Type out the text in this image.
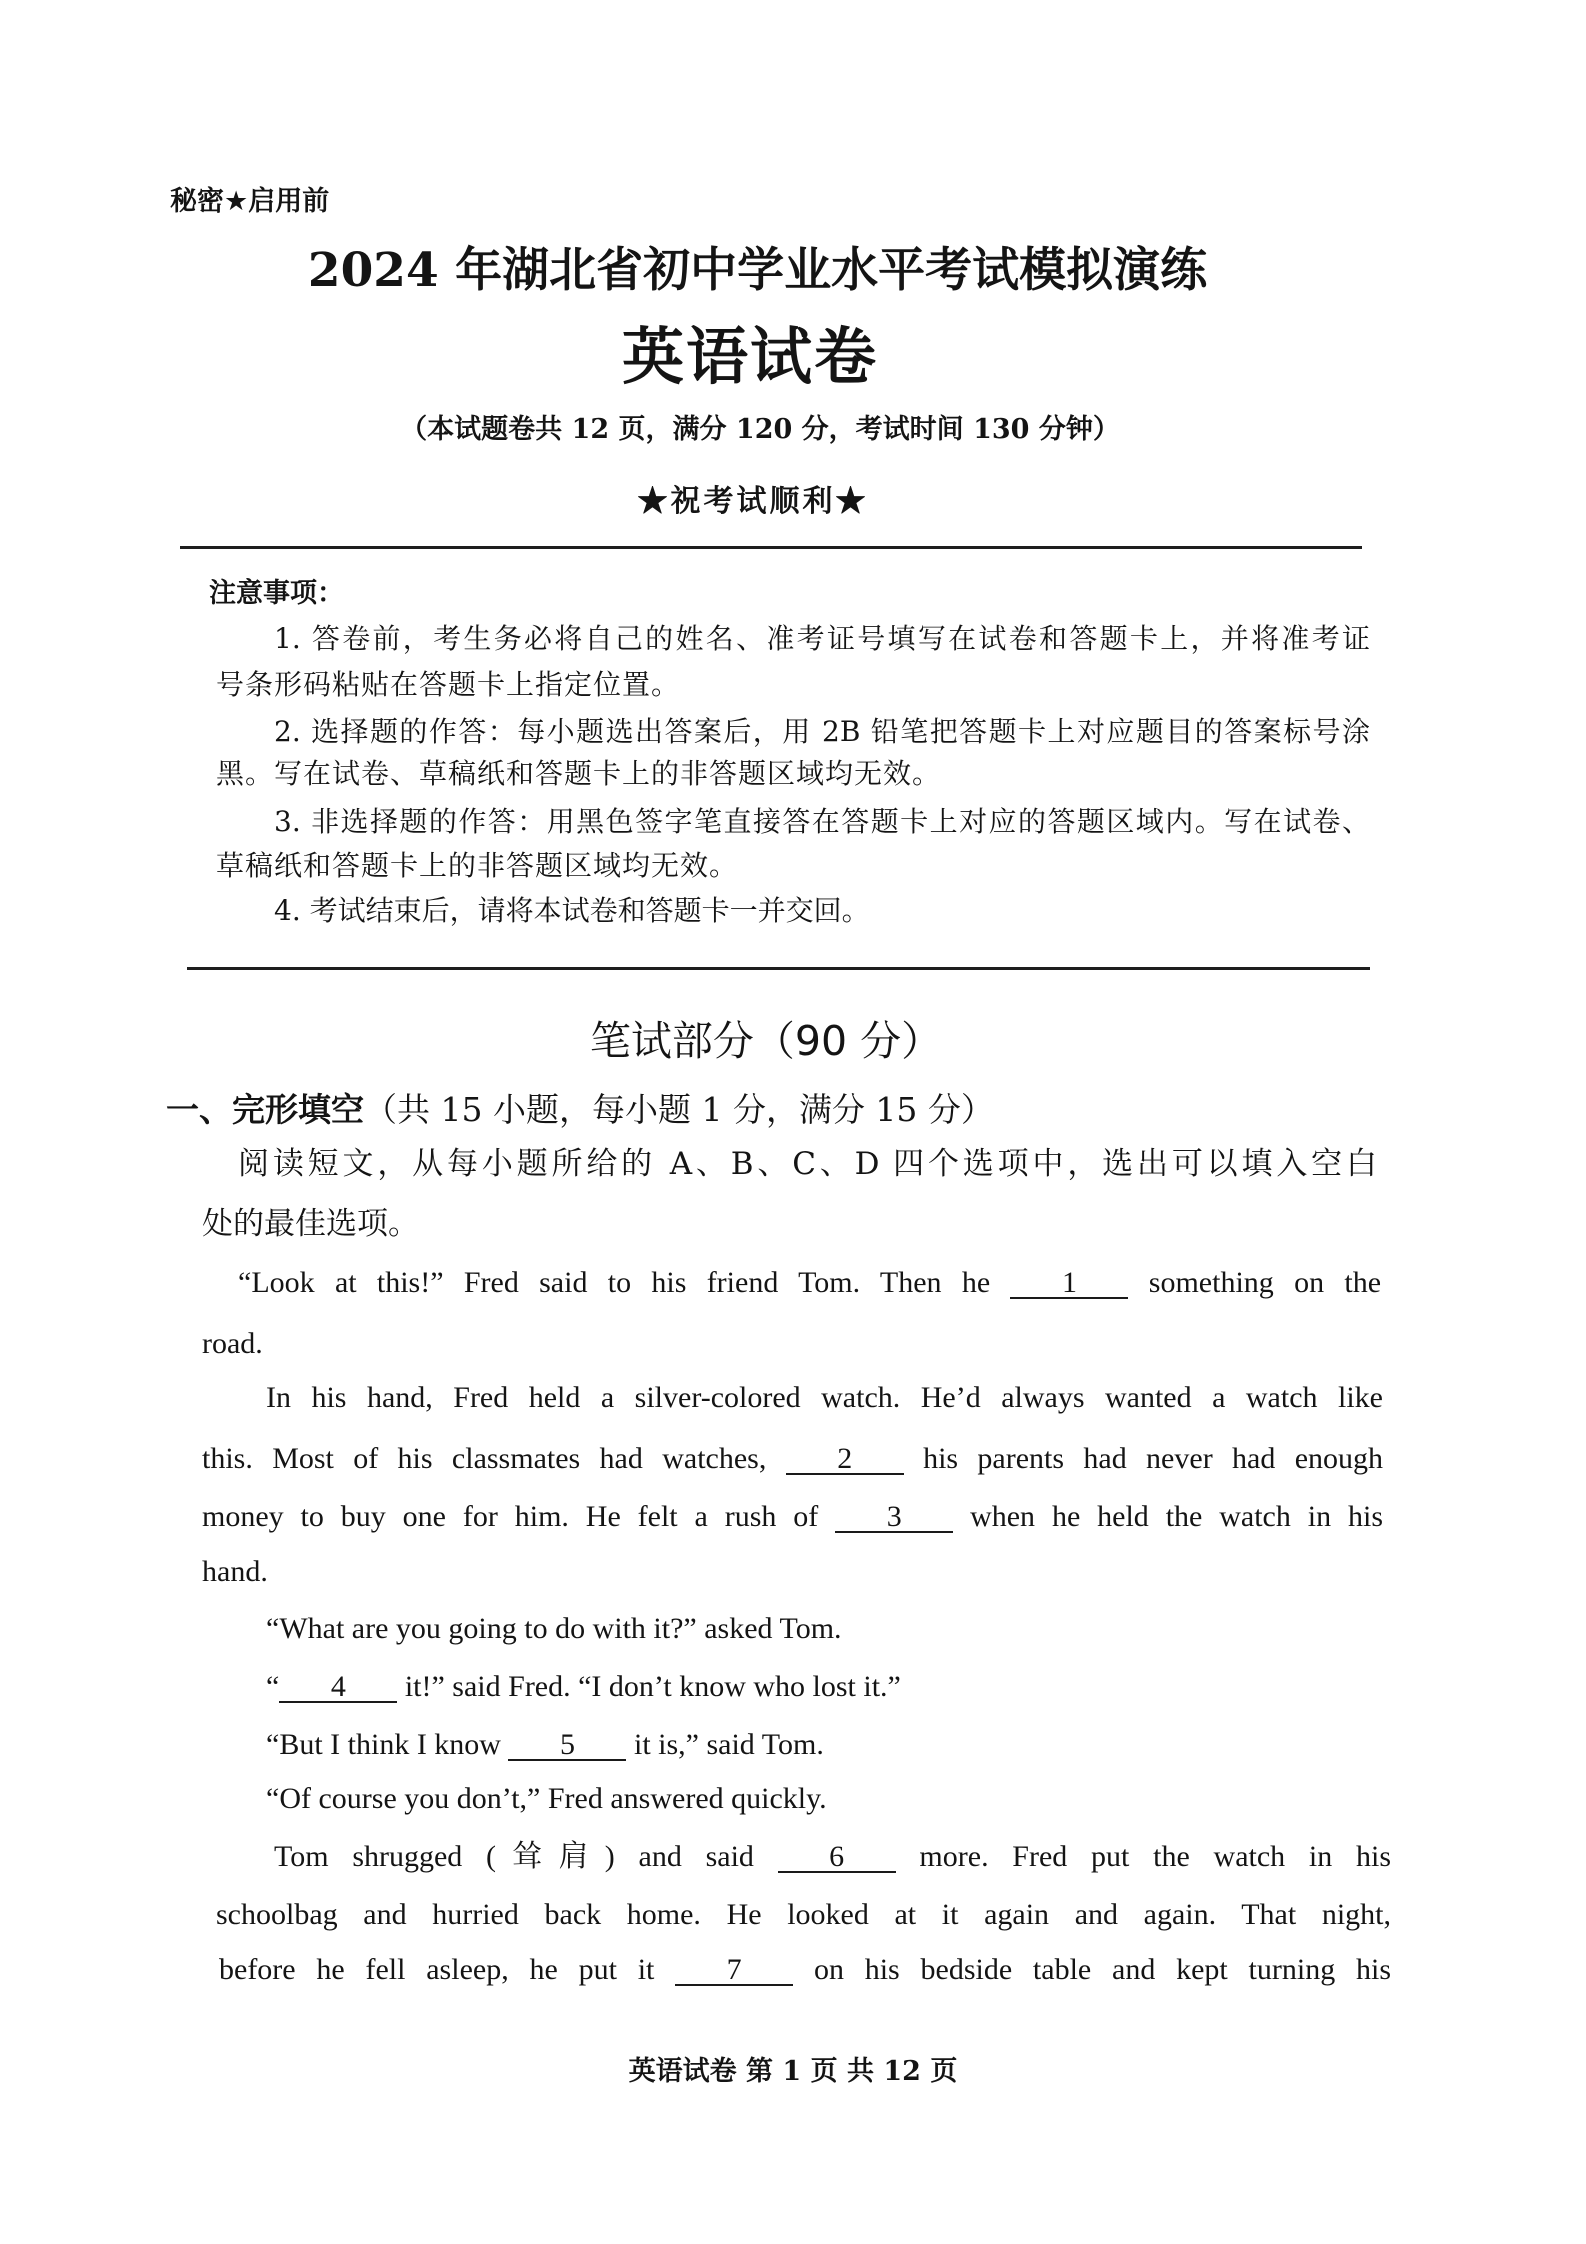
秘密★启用前
2024 年湖北省初中学业水平考试模拟演练
英语试卷
（本试题卷共 12 页，满分 120 分，考试时间 130 分钟）
★祝考试顺利★
注意事项：
1. 答卷前，考生务必将自己的姓名、准考证号填写在试卷和答题卡上，并将准考证
号条形码粘贴在答题卡上指定位置。
2. 选择题的作答：每小题选出答案后，用 2B 铅笔把答题卡上对应题目的答案标号涂
黑。写在试卷、草稿纸和答题卡上的非答题区域均无效。
3. 非选择题的作答：用黑色签字笔直接答在答题卡上对应的答题区域内。写在试卷、
草稿纸和答题卡上的非答题区域均无效。
4. 考试结束后，请将本试卷和答题卡一并交回。
笔试部分（90 分）
一、完形填空（共 15 小题，每小题 1 分，满分 15 分）
阅读短文，从每小题所给的 A、B、C、D 四个选项中，选出可以填入空白
处的最佳选项。
“Look at this!” Fred said to his friend Tom. Then he 1 something on the
road.
In his hand, Fred held a silver-colored watch. He’d always wanted a watch like
this. Most of his classmates had watches, 2 his parents had never had enough
money to buy one for him. He felt a rush of 3 when he held the watch in his
hand.
“What are you going to do with it?” asked Tom.
“ 4 it!” said Fred. “I don’t know who lost it.”
“But I think I know 5 it is,” said Tom.
“Of course you don’t,” Fred answered quickly.
Tom shrugged (耸肩) and said	6	more. Fred put the watch in his
schoolbag and hurried back home. He looked at it again and again. That night,
before he fell asleep, he put it 7 on his bedside table and kept turning his
英语试卷 第 1 页 共 12 页
